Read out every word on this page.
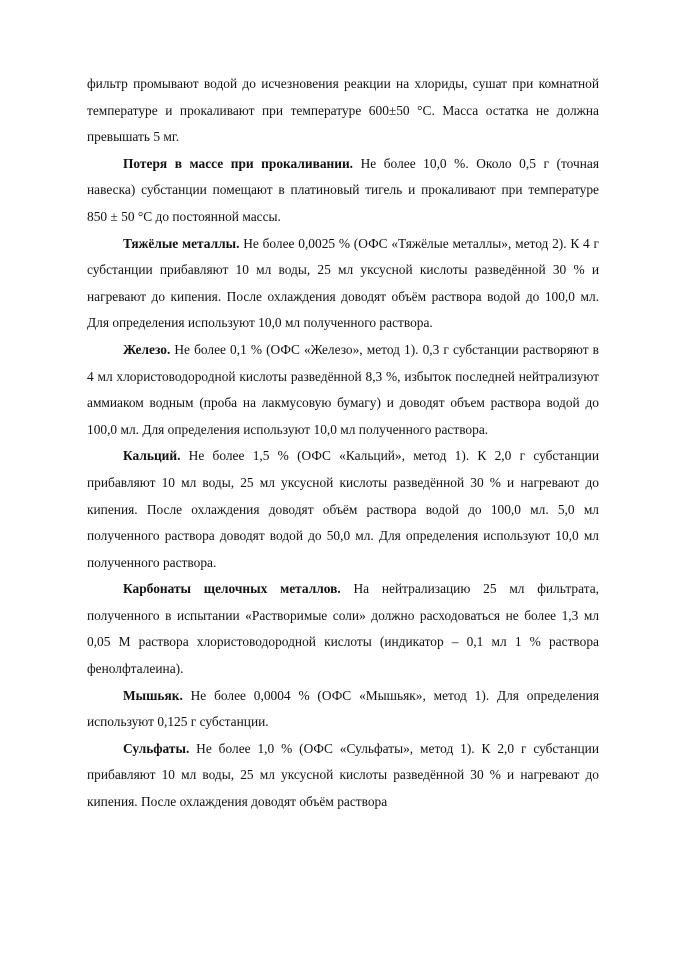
фильтр промывают водой до исчезновения реакции на хлориды, сушат при комнатной температуре и прокаливают при температуре 600±50 °С. Масса остатка не должна превышать 5 мг.

Потеря в массе при прокаливании. Не более 10,0 %. Около 0,5 г (точная навеска) субстанции помещают в платиновый тигель и прокаливают при температуре 850 ± 50 °С до постоянной массы.

Тяжёлые металлы. Не более 0,0025 % (ОФС «Тяжёлые металлы», метод 2). К 4 г субстанции прибавляют 10 мл воды, 25 мл уксусной кислоты разведённой 30 % и нагревают до кипения. После охлаждения доводят объём раствора водой до 100,0 мл. Для определения используют 10,0 мл полученного раствора.

Железо. Не более 0,1 % (ОФС «Железо», метод 1). 0,3 г субстанции растворяют в 4 мл хлористоводородной кислоты разведённой 8,3 %, избыток последней нейтрализуют аммиаком водным (проба на лакмусовую бумагу) и доводят объем раствора водой до 100,0 мл. Для определения используют 10,0 мл полученного раствора.

Кальций. Не более 1,5 % (ОФС «Кальций», метод 1). К 2,0 г субстанции прибавляют 10 мл воды, 25 мл уксусной кислоты разведённой 30 % и нагревают до кипения. После охлаждения доводят объём раствора водой до 100,0 мл. 5,0 мл полученного раствора доводят водой до 50,0 мл. Для определения используют 10,0 мл полученного раствора.

Карбонаты щелочных металлов. На нейтрализацию 25 мл фильтрата, полученного в испытании «Растворимые соли» должно расходоваться не более 1,3 мл 0,05 М раствора хлористоводородной кислоты (индикатор – 0,1 мл 1 % раствора фенолфталеина).

Мышьяк. Не более 0,0004 % (ОФС «Мышьяк», метод 1). Для определения используют 0,125 г субстанции.

Сульфаты. Не более 1,0 % (ОФС «Сульфаты», метод 1). К 2,0 г субстанции прибавляют 10 мл воды, 25 мл уксусной кислоты разведённой 30 % и нагревают до кипения. После охлаждения доводят объём раствора
